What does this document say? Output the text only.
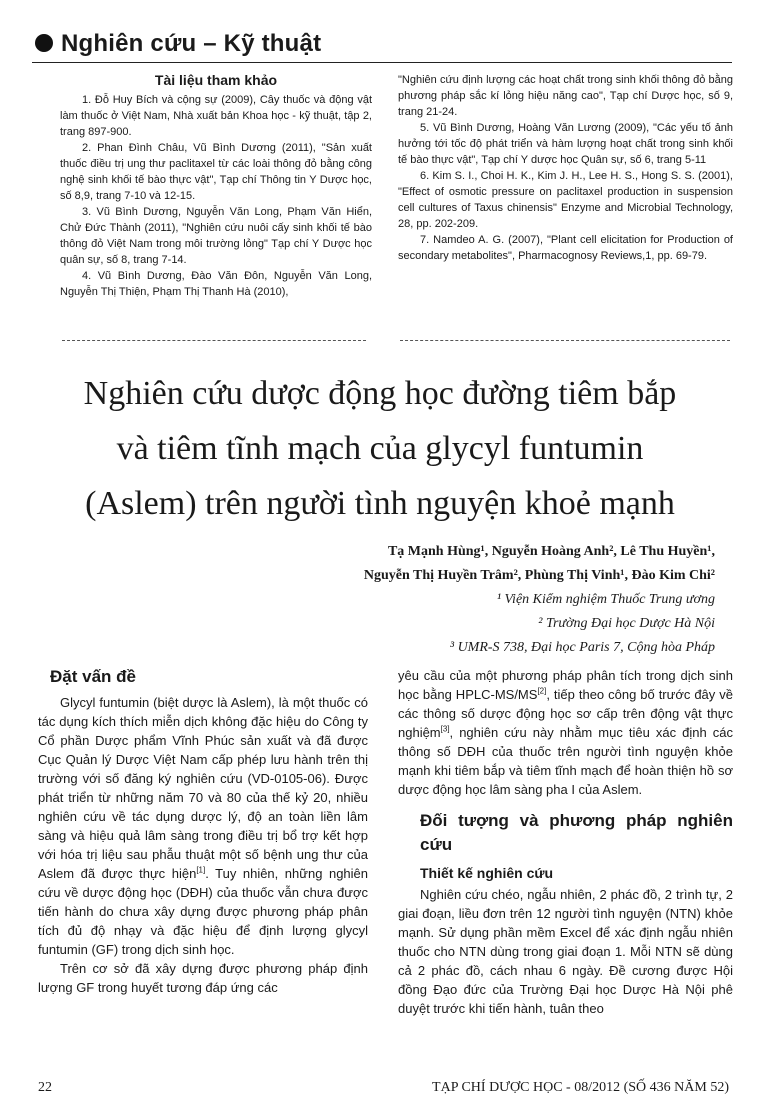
Nghiên cứu – Kỹ thuật

Tài liệu tham khảo

1. Đỗ Huy Bích và cộng sự (2009), Cây thuốc và động vật làm thuốc ở Việt Nam, Nhà xuất bản Khoa học - kỹ thuật, tập 2, trang 897-900.

2. Phan Đình Châu, Vũ Bình Dương (2011), "Sản xuất thuốc điều trị ung thư paclitaxel từ các loài thông đỏ bằng công nghệ sinh khối tế bào thực vật", Tạp chí Thông tin Y Dược học, số 8,9, trang 7-10 và 12-15.

3. Vũ Bình Dương, Nguyễn Văn Long, Phạm Văn Hiển, Chử Đức Thành (2011), "Nghiên cứu nuôi cấy sinh khối tế bào thông đỏ Việt Nam trong môi trường lỏng" Tạp chí Y Dược học quân sự, số 8, trang 7-14.

4. Vũ Bình Dương, Đào Văn Đôn, Nguyễn Văn Long, Nguyễn Thị Thiện, Phạm Thị Thanh Hà (2010),

"Nghiên cứu định lượng các hoạt chất trong sinh khối thông đỏ bằng phương pháp sắc kí lỏng hiệu năng cao", Tạp chí Dược học, số 9, trang 21-24.

5. Vũ Bình Dương, Hoàng Văn Lương (2009), "Các yếu tố ảnh hưởng tới tốc độ phát triển và hàm lượng hoạt chất trong sinh khối tế bào thực vật", Tạp chí Y dược học Quân sự, số 6, trang 5-11

6. Kim S. I., Choi H. K., Kim J. H., Lee H. S., Hong S. S. (2001), "Effect of osmotic pressure on paclitaxel production in suspension cell cultures of Taxus chinensis" Enzyme and Microbial Technology, 28, pp. 202-209.

7. Namdeo A. G. (2007), "Plant cell elicitation for Production of secondary metabolites", Pharmacognosy Reviews,1, pp. 69-79.

Nghiên cứu dược động học đường tiêm bắp
và tiêm tĩnh mạch của glycyl funtumin
(Aslem) trên người tình nguyện khoẻ mạnh
Tạ Mạnh Hùng¹, Nguyễn Hoàng Anh², Lê Thu Huyền¹,
Nguyễn Thị Huyền Trâm², Phùng Thị Vinh¹, Đào Kim Chi²
¹ Viện Kiểm nghiệm Thuốc Trung ương
² Trường Đại học Dược Hà Nội
³ UMR-S 738, Đại học Paris 7, Cộng hòa Pháp
Đặt vấn đề

Glycyl funtumin (biệt dược là Aslem), là một thuốc có tác dụng kích thích miễn dịch không đặc hiệu do Công ty Cổ phần Dược phẩm Vĩnh Phúc sản xuất và đã được Cục Quản lý Dược Việt Nam cấp phép lưu hành trên thị trường với số đăng ký nghiên cứu (VD-0105-06). Được phát triển từ những năm 70 và 80 của thế kỷ 20, nhiều nghiên cứu về tác dụng dược lý, độ an toàn liền lâm sàng và hiệu quả lâm sàng trong điều trị bổ trợ kết hợp với hóa trị liệu sau phẫu thuật một số bệnh ung thư của Aslem đã được thực hiện[1]. Tuy nhiên, những nghiên cứu về dược động học (DĐH) của thuốc vẫn chưa được tiến hành do chưa xây dựng được phương pháp phân tích đủ độ nhạy và đặc hiệu để định lượng glycyl funtumin (GF) trong dịch sinh học.

Trên cơ sở đã xây dựng được phương pháp định lượng GF trong huyết tương đáp ứng các

yêu cầu của một phương pháp phân tích trong dịch sinh học bằng HPLC-MS/MS[2], tiếp theo công bố trước đây về các thông số dược động học sơ cấp trên động vật thực nghiệm[3], nghiên cứu này nhằm mục tiêu xác định các thông số DĐH của thuốc trên người tình nguyện khỏe mạnh khi tiêm bắp và tiêm tĩnh mạch để hoàn thiện hồ sơ dược động học lâm sàng pha I của Aslem.

Đối tượng và phương pháp nghiên cứu
Thiết kế nghiên cứu

Nghiên cứu chéo, ngẫu nhiên, 2 phác đồ, 2 trình tự, 2 giai đoạn, liều đơn trên 12 người tình nguyện (NTN) khỏe mạnh. Sử dụng phần mềm Excel để xác định ngẫu nhiên thuốc cho NTN dùng trong giai đoạn 1. Mỗi NTN sẽ dùng cả 2 phác đồ, cách nhau 6 ngày. Đề cương được Hội đồng Đạo đức của Trường Đại học Dược Hà Nội phê duyệt trước khi tiến hành, tuân theo

22	TẠP CHÍ DƯỢC HỌC - 08/2012 (SỐ 436 NĂM 52)
